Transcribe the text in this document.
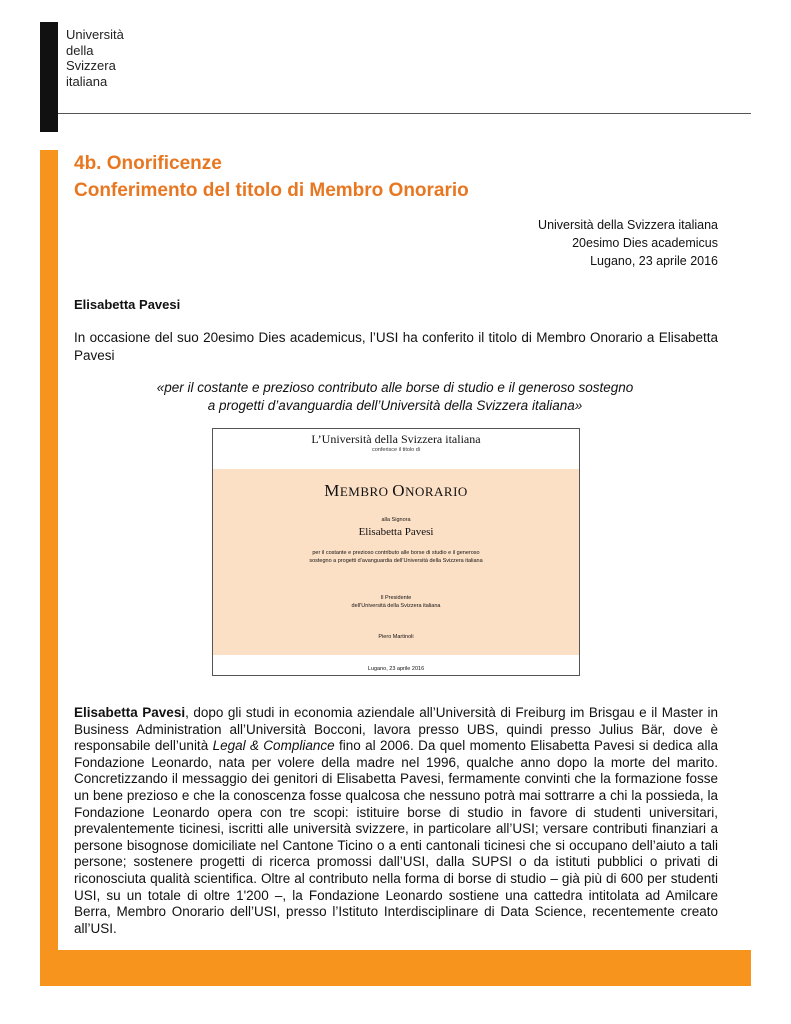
Università
della
Svizzera
italiana
4b. Onorificenze
Conferimento del titolo di Membro Onorario
Università della Svizzera italiana
20esimo Dies academicus
Lugano, 23 aprile 2016
Elisabetta Pavesi
In occasione del suo 20esimo Dies academicus, l’USI ha conferito il titolo di Membro Onorario a Elisabetta Pavesi
«per il costante e prezioso contributo alle borse di studio e il generoso sostegno
a progetti d’avanguardia dell’Università della Svizzera italiana»
L’Università della Svizzera italiana
conferisce il titolo di
MEMBRO ONORARIO
alla Signora
Elisabetta Pavesi
per il costante e prezioso contributo alle borse di studio e il generoso
sostegno a progetti d’avanguardia dell’Università della Svizzera italiana
Il Presidente
dell’Università della Svizzera italiana
Piero Martinoli
Lugano, 23 aprile 2016
Elisabetta Pavesi, dopo gli studi in economia aziendale all’Università di Freiburg im Brisgau e il Master in Business Administration all’Università Bocconi, lavora presso UBS, quindi presso Julius Bär, dove è responsabile dell’unità Legal & Compliance fino al 2006. Da quel momento Elisabetta Pavesi si dedica alla Fondazione Leonardo, nata per volere della madre nel 1996, qualche anno dopo la morte del marito. Concretizzando il messaggio dei genitori di Elisabetta Pavesi, fermamente convinti che la formazione fosse un bene prezioso e che la conoscenza fosse qualcosa che nessuno potrà mai sottrarre a chi la possieda, la Fondazione Leonardo opera con tre scopi: istituire borse di studio in favore di studenti universitari, prevalentemente ticinesi, iscritti alle università svizzere, in particolare all’USI; versare contributi finanziari a persone bisognose domiciliate nel Cantone Ticino o a enti cantonali ticinesi che si occupano dell’aiuto a tali persone; sostenere progetti di ricerca promossi dall’USI, dalla SUPSI o da istituti pubblici o privati di riconosciuta qualità scientifica. Oltre al contributo nella forma di borse di studio – già più di 600 per studenti USI, su un totale di oltre 1'200 –, la Fondazione Leonardo sostiene una cattedra intitolata ad Amilcare Berra, Membro Onorario dell’USI, presso l’Istituto Interdisciplinare di Data Science, recentemente creato all’USI.
